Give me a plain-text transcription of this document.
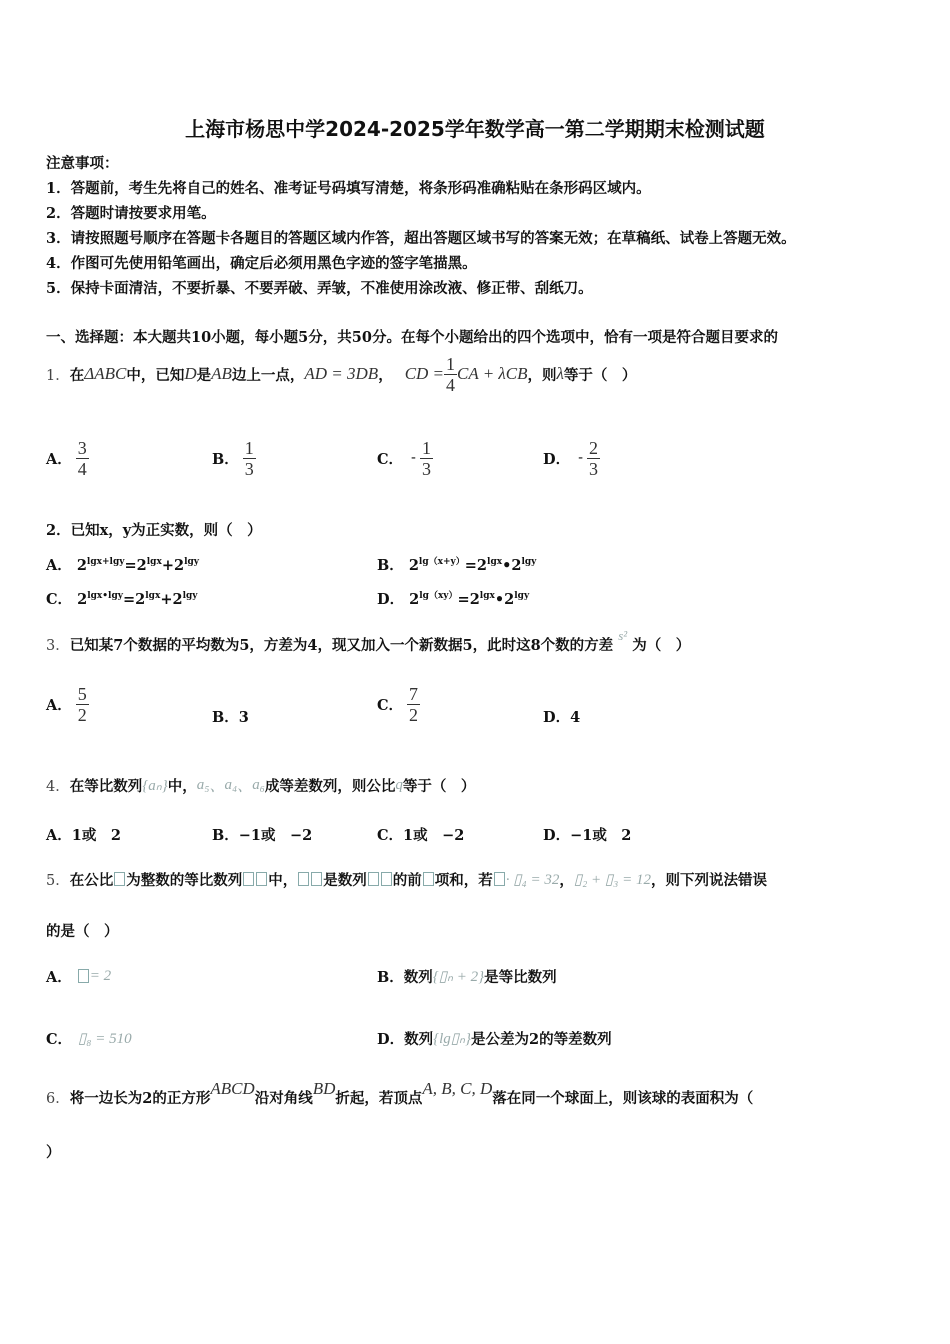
上海市杨思中学2024-2025学年数学高一第二学期期末检测试题
注意事项：
1．答题前，考生先将自己的姓名、准考证号码填写清楚，将条形码准确粘贴在条形码区域内。
2．答题时请按要求用笔。
3．请按照题号顺序在答题卡各题目的答题区域内作答，超出答题区域书写的答案无效；在草稿纸、试卷上答题无效。
4．作图可先使用铅笔画出，确定后必须用黑色字迹的签字笔描黑。
5．保持卡面清洁，不要折暴、不要弄破、弄皱，不准使用涂改液、修正带、刮纸刀。
一、选择题：本大题共10小题，每小题5分，共50分。在每个小题给出的四个选项中，恰有一项是符合题目要求的
1． 在 ΔABC 中，已知 D 是 AB 边上一点， AD = 3DB ， CD = $\frac{1}{4}$ CA + λCB ，则 λ 等于（　）
A． $\frac{3}{4}$	B． $\frac{1}{3}$	C． - $\frac{1}{3}$	D． - $\frac{2}{3}$
2．已知x，y为正实数，则（　）
A． $2^{lgx+lgy}=2^{lgx}+2^{lgy}$	B． $2^{lg(x+y)}=2^{lgx}•2^{lgy}$
C． $2^{lgx•lgy}=2^{lgx}+2^{lgy}$	D． $2^{lg(xy)}=2^{lgx}•2^{lgy}$
3．已知某7个数据的平均数为5，方差为4，现又加入一个新数据5，此时这8个数的方差 s² 为（　）
A． $\frac{5}{2}$	B．3
C． $\frac{7}{2}$	D．4
4． 在等比数列 {aₙ} 中， a₅ 、 a₄ 、 a₆ 成等差数列，则公比 q 等于（　）
A．1或　2	B．−1或　−2	C．1或　−2	D．−1或　2
5． 在公比 为整数的等比数列 中， 是数列 的前 项和，若 · ▯₄ = 32 ， ▯₂ + ▯₃ = 12 ，则下列说法错误
的是（　）
A． = 2	B． 数列 {▯ₙ + 2} 是等比数列
C． ▯₈ = 510	D． 数列 {lg▯ₙ} 是公差为2的等差数列
6． 将一边长为2的正方形 ABCD 沿对角线 BD 折起，若顶点 A, B, C, D 落在同一个球面上，则该球的表面积为（
）
